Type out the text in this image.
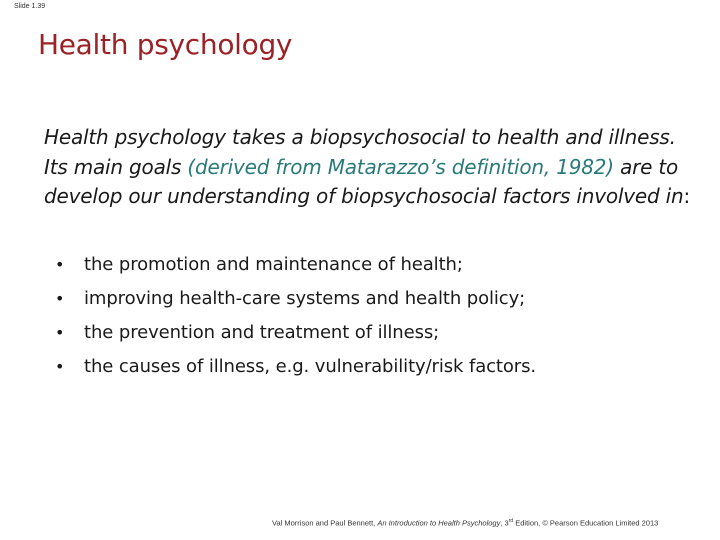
Slide 1.39
Health psychology
Health psychology takes a biopsychosocial to health and illness. Its main goals (derived from Matarazzo’s definition, 1982) are to develop our understanding of biopsychosocial factors involved in:
• the promotion and maintenance of health;
• improving health-care systems and health policy;
• the prevention and treatment of illness;
• the causes of illness, e.g. vulnerability/risk factors.
Val Morrison and Paul Bennett, An Introduction to Health Psychology, 3rd Edition, © Pearson Education Limited 2013
